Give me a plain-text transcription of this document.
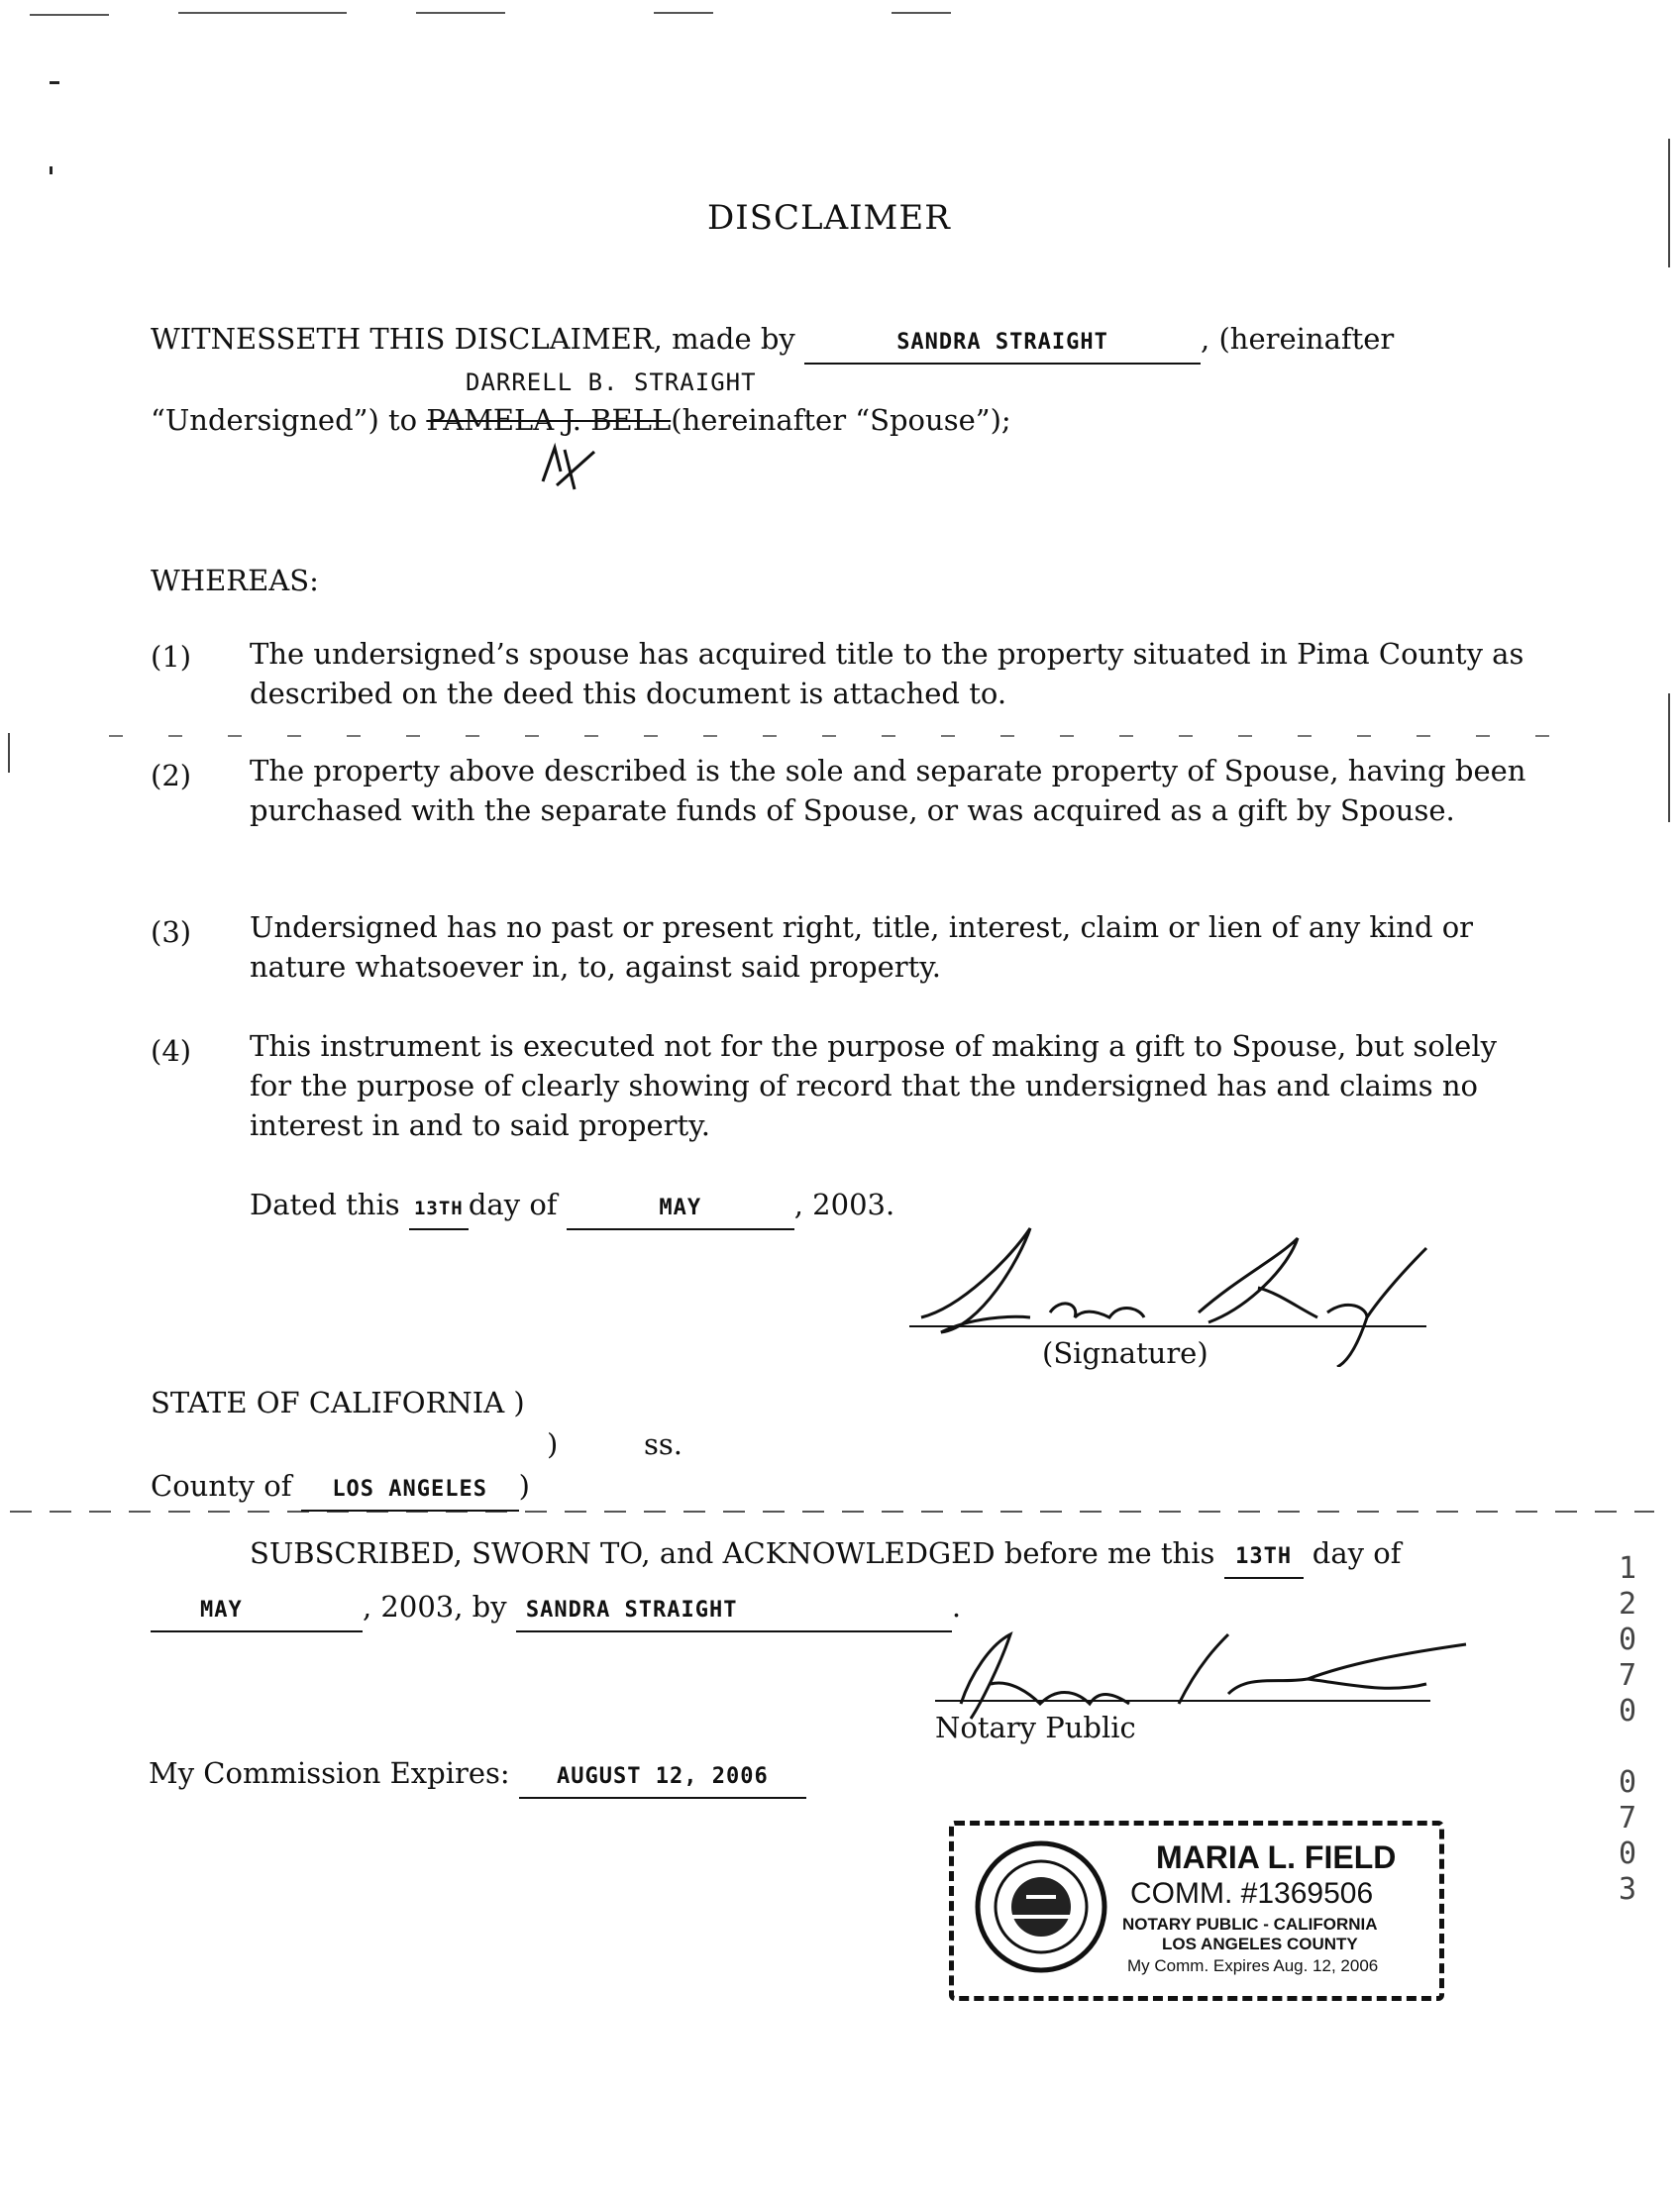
DISCLAIMER
WITNESSETH THIS DISCLAIMER, made by	SANDRA STRAIGHT	, (hereinafter
DARRELL B. STRAIGHT
“Undersigned”) to PAMELA J. BELL(hereinafter “Spouse”);
WHEREAS:
(1) The undersigned’s spouse has acquired title to the property situated in Pima County as described on the deed this document is attached to.
(2) The property above described is the sole and separate property of Spouse, having been purchased with the separate funds of Spouse, or was acquired as a gift by Spouse.
(3) Undersigned has no past or present right, title, interest, claim or lien of any kind or nature whatsoever in, to, against said property.
(4) This instrument is executed not for the purpose of making a gift to Spouse, but solely for the purpose of clearly showing of record that the undersigned has and claims no interest in and to said property.
Dated this 13TH day of	MAY	, 2003.
(Signature)
STATE OF CALIFORNIA )
)	ss.
County of LOS ANGELES )
SUBSCRIBED, SWORN TO, and ACKNOWLEDGED before me this 13TH day of
MAY	, 2003, by SANDRA STRAIGHT	.
Notary Public
My Commission Expires: AUGUST 12, 2006
MARIA L. FIELD
COMM. #1369506
NOTARY PUBLIC - CALIFORNIA
LOS ANGELES COUNTY
My Comm. Expires Aug. 12, 2006
1
2
0
7
0

0
7
0
3
